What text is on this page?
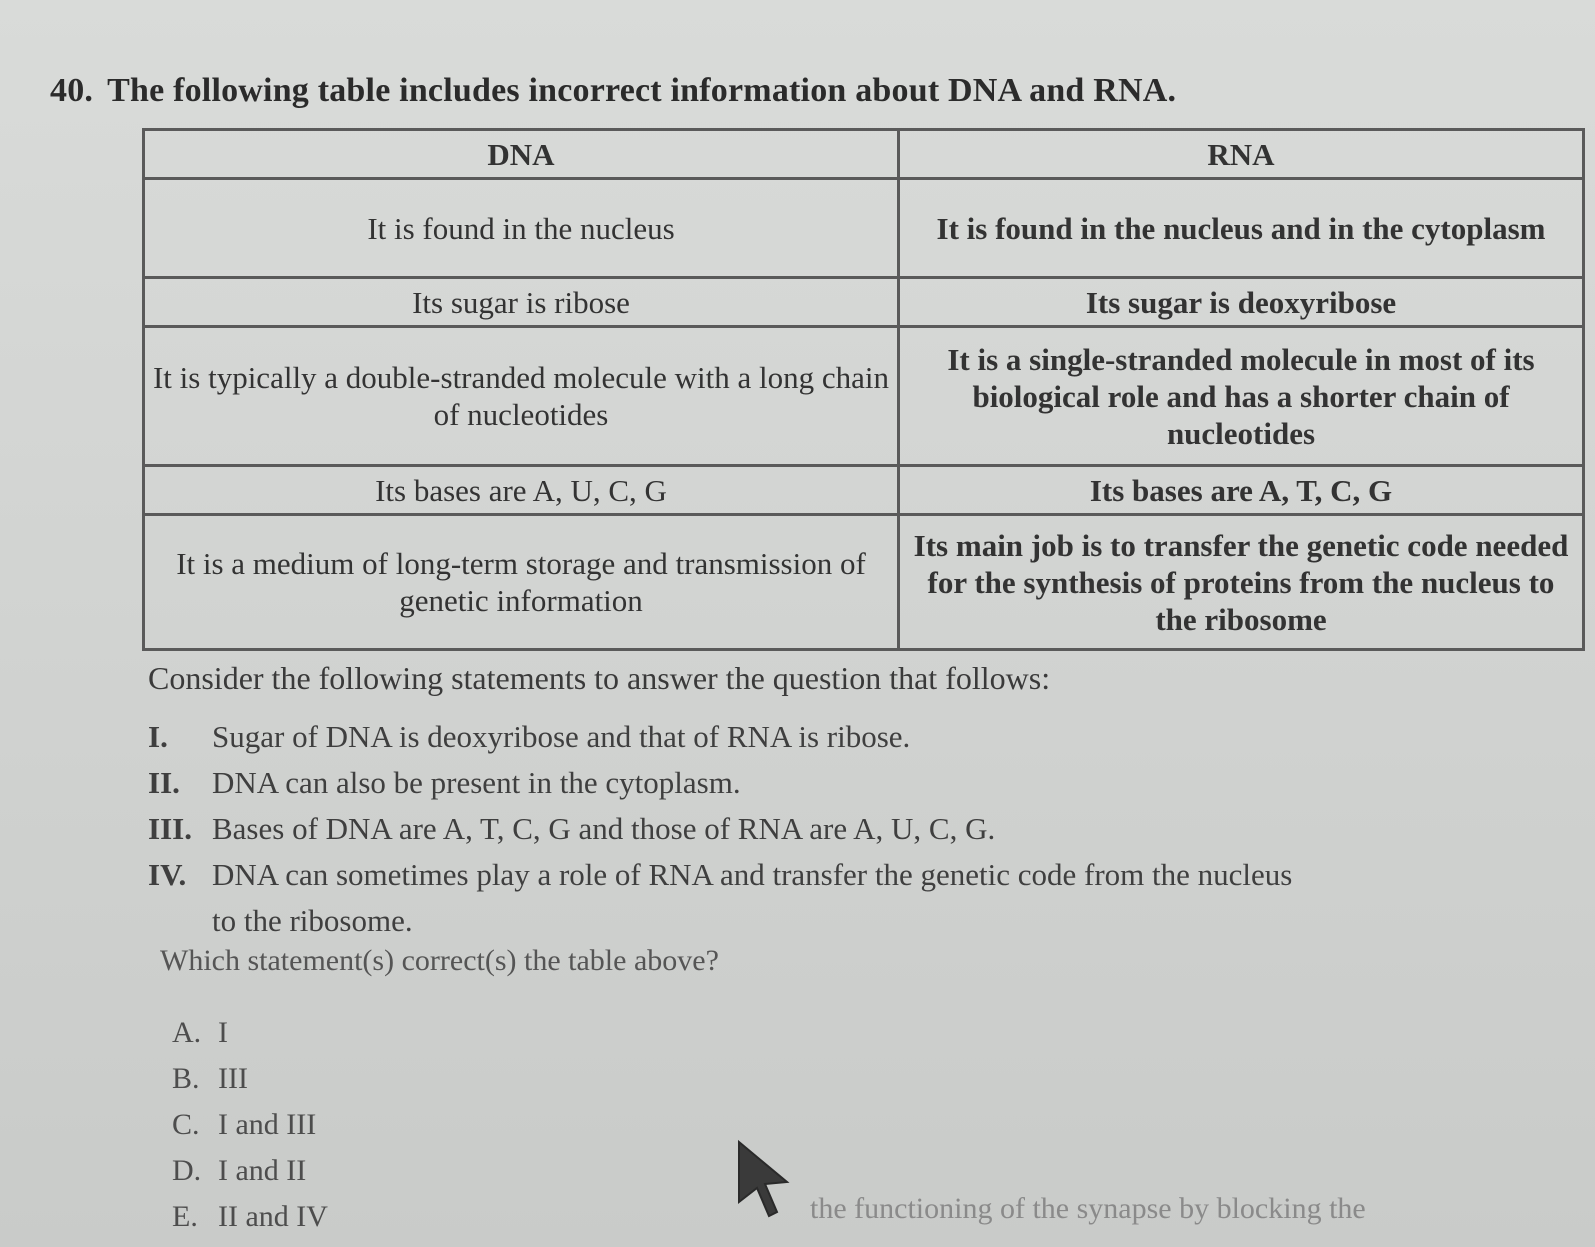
40. The following table includes incorrect information about DNA and RNA.
DNA	RNA
It is found in the nucleus	It is found in the nucleus and in the cytoplasm
Its sugar is ribose	Its sugar is deoxyribose
It is typically a double-stranded molecule with a long chain of nucleotides	It is a single-stranded molecule in most of its biological role and has a shorter chain of nucleotides
Its bases are A, U, C, G	Its bases are A, T, C, G
It is a medium of long-term storage and transmission of genetic information	Its main job is to transfer the genetic code needed for the synthesis of proteins from the nucleus to the ribosome
Consider the following statements to answer the question that follows:
I.	Sugar of DNA is deoxyribose and that of RNA is ribose.
II.	DNA can also be present in the cytoplasm.
III. Bases of DNA are A, T, C, G and those of RNA are A, U, C, G.
IV. DNA can sometimes play a role of RNA and transfer the genetic code from the nucleus
to the ribosome.
Which statement(s) correct(s) the table above?
A. I
B. III
C. I and III
D. I and II
E. II and IV	the functioning of the synapse by blocking the
